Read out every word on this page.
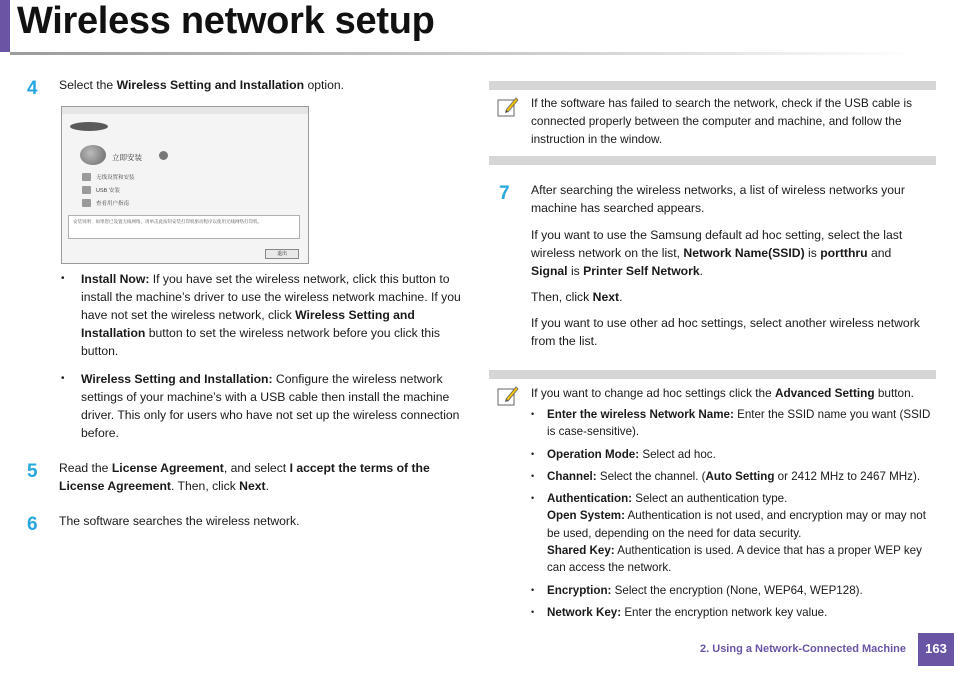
Wireless network setup
4 Select the Wireless Setting and Installation option.
立即安装
无线设置和安装
USB 安装
查看用户指南
安装说明：如果您已设置无线网络，请单击此按钮安装打印机驱动程序以使用无线网络打印机。
退出
• Install Now: If you have set the wireless network, click this button to install the machine’s driver to use the wireless network machine. If you have not set the wireless network, click Wireless Setting and Installation button to set the wireless network before you click this button.
• Wireless Setting and Installation: Configure the wireless network settings of your machine’s with a USB cable then install the machine driver. This only for users who have not set up the wireless connection before.
5 Read the License Agreement, and select I accept the terms of the License Agreement. Then, click Next.
6 The software searches the wireless network.
If the software has failed to search the network, check if the USB cable is connected properly between the computer and machine, and follow the instruction in the window.
7 After searching the wireless networks, a list of wireless networks your machine has searched appears.
If you want to use the Samsung default ad hoc setting, select the last wireless network on the list, Network Name(SSID) is portthru and Signal is Printer Self Network.
Then, click Next.
If you want to use other ad hoc settings, select another wireless network from the list.
If you want to change ad hoc settings click the Advanced Setting button.
• Enter the wireless Network Name: Enter the SSID name you want (SSID is case-sensitive).
• Operation Mode: Select ad hoc.
• Channel: Select the channel. (Auto Setting or 2412 MHz to 2467 MHz).
• Authentication: Select an authentication type.
Open System: Authentication is not used, and encryption may or may not be used, depending on the need for data security.
Shared Key: Authentication is used. A device that has a proper WEP key can access the network.
• Encryption: Select the encryption (None, WEP64, WEP128).
• Network Key: Enter the encryption network key value.
2. Using a Network-Connected Machine	163
